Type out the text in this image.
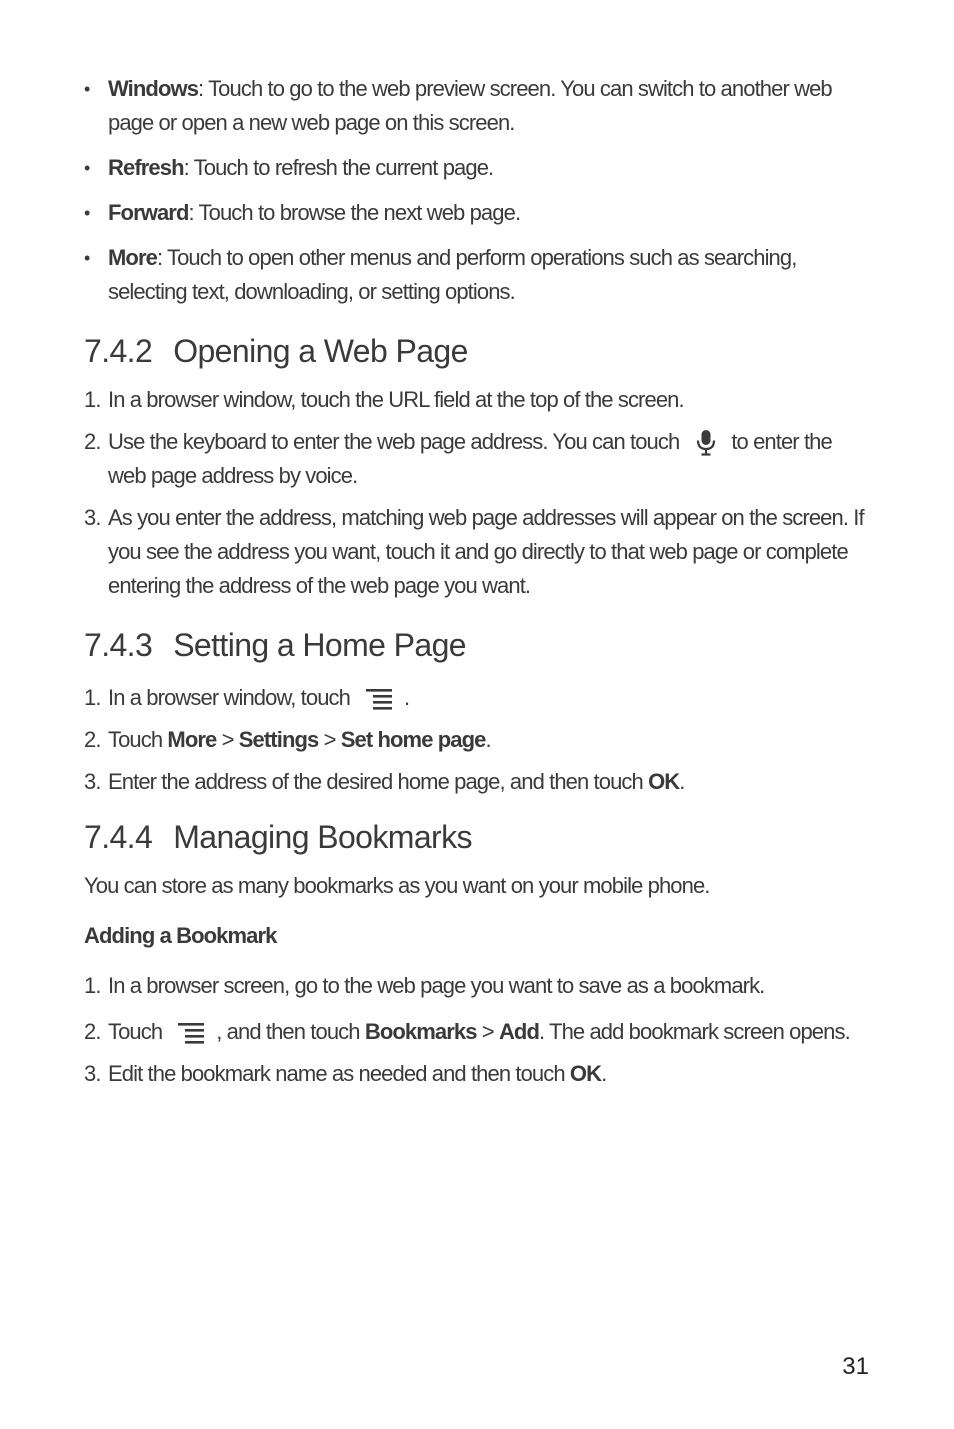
• Windows: Touch to go to the web preview screen. You can switch to another web page or open a new web page on this screen.
• Refresh: Touch to refresh the current page.
• Forward: Touch to browse the next web page.
• More: Touch to open other menus and perform operations such as searching, selecting text, downloading, or setting options.
7.4.2 Opening a Web Page
1. In a browser window, touch the URL field at the top of the screen.
2. Use the keyboard to enter the web page address. You can touch to enter the web page address by voice.
3. As you enter the address, matching web page addresses will appear on the screen. If you see the address you want, touch it and go directly to that web page or complete entering the address of the web page you want.
7.4.3 Setting a Home Page
1. In a browser window, touch .
2. Touch More > Settings > Set home page.
3. Enter the address of the desired home page, and then touch OK.
7.4.4 Managing Bookmarks

You can store as many bookmarks as you want on your mobile phone.

Adding a Bookmark

1. In a browser screen, go to the web page you want to save as a bookmark.
2. Touch , and then touch Bookmarks > Add. The add bookmark screen opens.
3. Edit the bookmark name as needed and then touch OK.
31
